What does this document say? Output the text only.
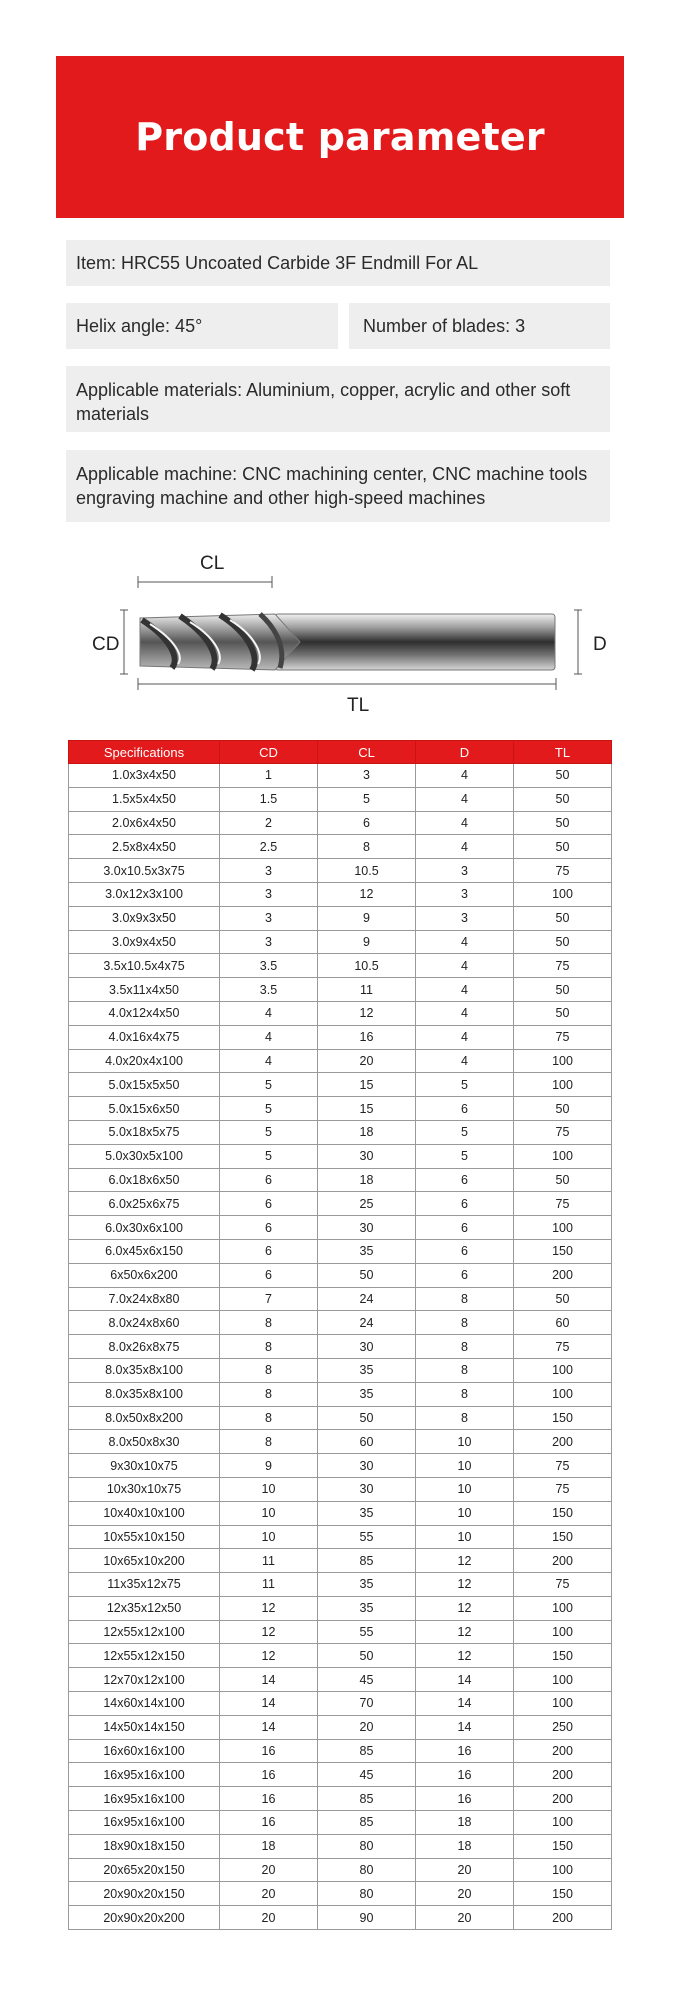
Product parameter
Item: HRC55 Uncoated Carbide 3F Endmill For AL
Helix angle: 45°	Number of blades: 3
Applicable materials: Aluminium, copper, acrylic and other soft materials
Applicable machine: CNC machining center, CNC machine tools engraving machine and other high-speed machines
CL
CD	D
TL
Specifications	CD	CL	D	TL
1.0x3x4x50	1	3	4	50
1.5x5x4x50	1.5	5	4	50
2.0x6x4x50	2	6	4	50
2.5x8x4x50	2.5	8	4	50
3.0x10.5x3x75	3	10.5	3	75
3.0x12x3x100	3	12	3	100
3.0x9x3x50	3	9	3	50
3.0x9x4x50	3	9	4	50
3.5x10.5x4x75	3.5	10.5	4	75
3.5x11x4x50	3.5	11	4	50
4.0x12x4x50	4	12	4	50
4.0x16x4x75	4	16	4	75
4.0x20x4x100	4	20	4	100
5.0x15x5x50	5	15	5	100
5.0x15x6x50	5	15	6	50
5.0x18x5x75	5	18	5	75
5.0x30x5x100	5	30	5	100
6.0x18x6x50	6	18	6	50
6.0x25x6x75	6	25	6	75
6.0x30x6x100	6	30	6	100
6.0x45x6x150	6	35	6	150
6x50x6x200	6	50	6	200
7.0x24x8x80	7	24	8	50
8.0x24x8x60	8	24	8	60
8.0x26x8x75	8	30	8	75
8.0x35x8x100	8	35	8	100
8.0x35x8x100	8	35	8	100
8.0x50x8x200	8	50	8	150
8.0x50x8x30	8	60	10	200
9x30x10x75	9	30	10	75
10x30x10x75	10	30	10	75
10x40x10x100	10	35	10	150
10x55x10x150	10	55	10	150
10x65x10x200	11	85	12	200
11x35x12x75	11	35	12	75
12x35x12x50	12	35	12	100
12x55x12x100	12	55	12	100
12x55x12x150	12	50	12	150
12x70x12x100	14	45	14	100
14x60x14x100	14	70	14	100
14x50x14x150	14	20	14	250
16x60x16x100	16	85	16	200
16x95x16x100	16	45	16	200
16x95x16x100	16	85	16	200
16x95x16x100	16	85	18	100
18x90x18x150	18	80	18	150
20x65x20x150	20	80	20	100
20x90x20x150	20	80	20	150
20x90x20x200	20	90	20	200
